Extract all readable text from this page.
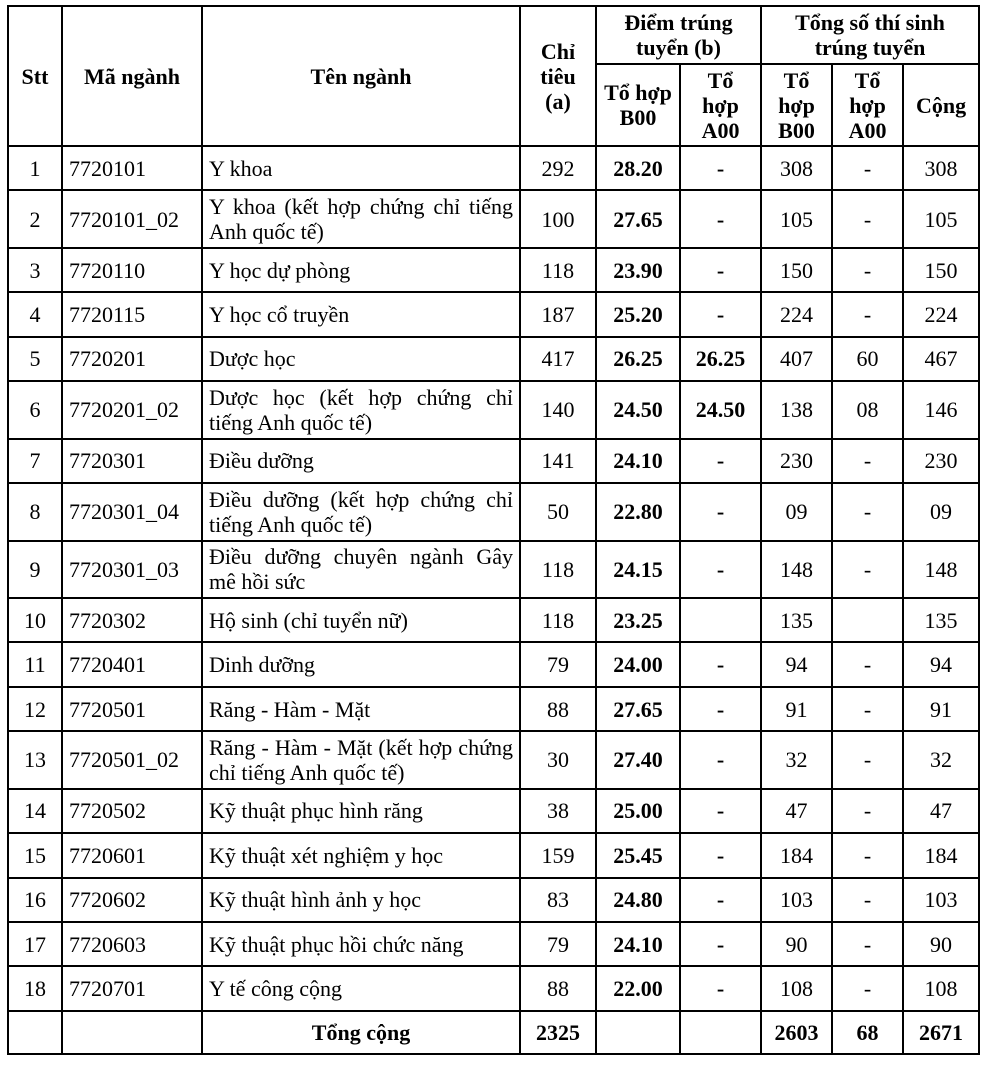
Stt	Mã ngành	Tên ngành	Chỉ tiêu (a)	Điểm trúng tuyển (b)		Tổng số thí sinh trúng tuyển		
				Tổ hợp B00	Tổ hợp A00	Tổ hợp B00	Tổ hợp A00	Cộng
1	7720101	Y khoa	292	28.20	-	308	-	308
2	7720101_02	Y khoa (kết hợp chứng chỉ tiếng Anh quốc tế)	100	27.65	-	105	-	105
3	7720110	Y học dự phòng	118	23.90	-	150	-	150
4	7720115	Y học cổ truyền	187	25.20	-	224	-	224
5	7720201	Dược học	417	26.25	26.25	407	60	467
6	7720201_02	Dược học (kết hợp chứng chỉ tiếng Anh quốc tế)	140	24.50	24.50	138	08	146
7	7720301	Điều dưỡng	141	24.10	-	230	-	230
8	7720301_04	Điều dưỡng (kết hợp chứng chỉ tiếng Anh quốc tế)	50	22.80	-	09	-	09
9	7720301_03	Điều dưỡng chuyên ngành Gây mê hồi sức	118	24.15	-	148	-	148
10	7720302	Hộ sinh (chỉ tuyển nữ)	118	23.25		135		135
11	7720401	Dinh dưỡng	79	24.00	-	94	-	94
12	7720501	Răng - Hàm - Mặt	88	27.65	-	91	-	91
13	7720501_02	Răng - Hàm - Mặt (kết hợp chứng chỉ tiếng Anh quốc tế)	30	27.40	-	32	-	32
14	7720502	Kỹ thuật phục hình răng	38	25.00	-	47	-	47
15	7720601	Kỹ thuật xét nghiệm y học	159	25.45	-	184	-	184
16	7720602	Kỹ thuật hình ảnh y học	83	24.80	-	103	-	103
17	7720603	Kỹ thuật phục hồi chức năng	79	24.10	-	90	-	90
18	7720701	Y tế công cộng	88	22.00	-	108	-	108
		Tổng cộng	2325			2603	68	2671
